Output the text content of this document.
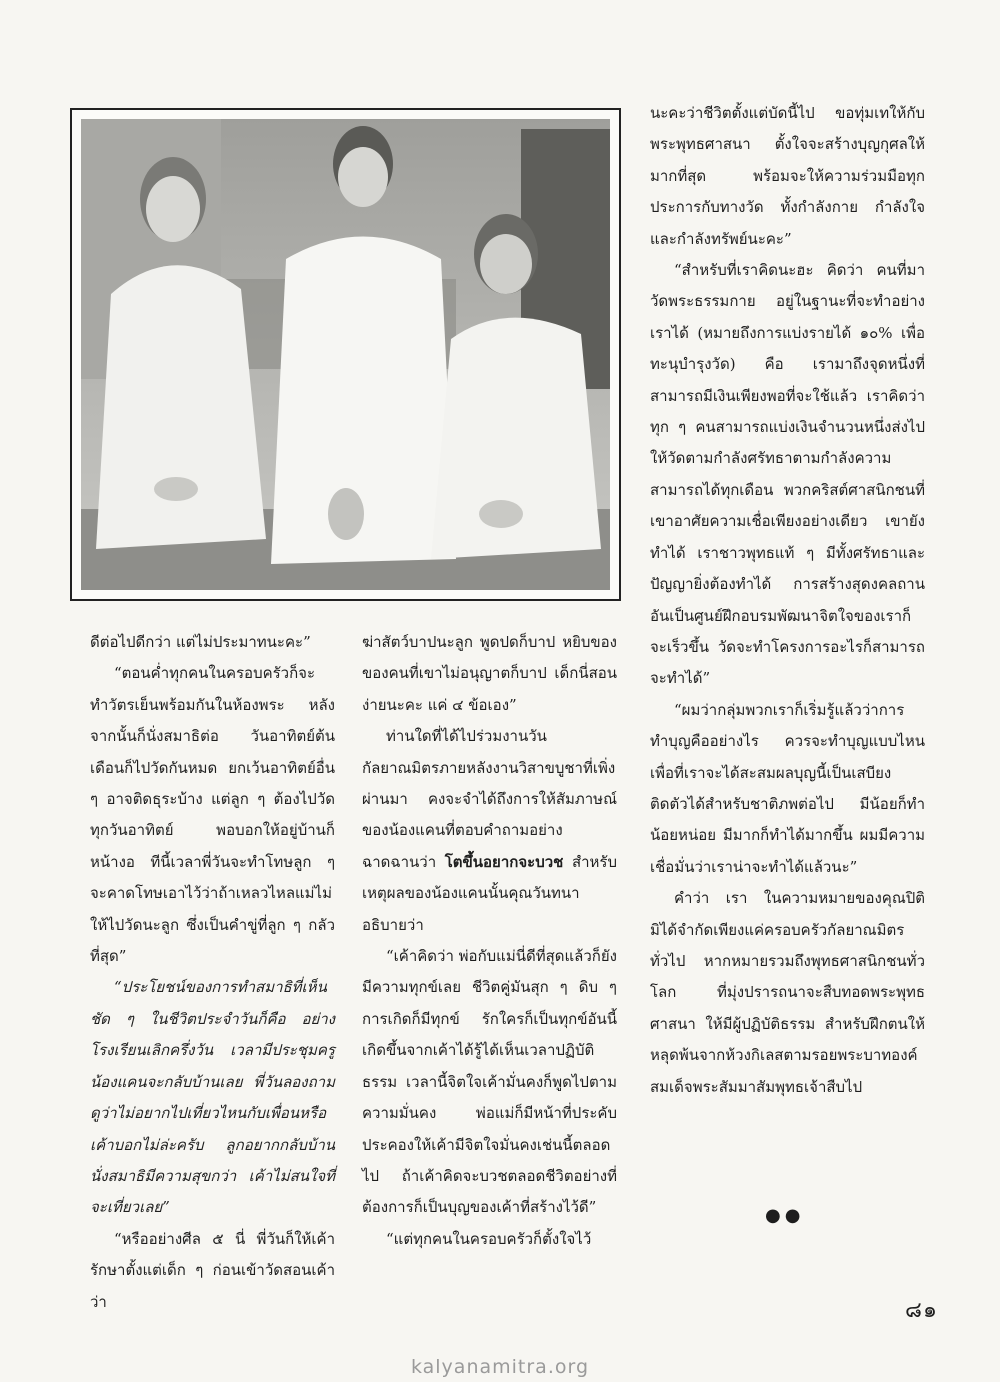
นะคะว่าชีวิตตั้งแต่บัดนี้ไป ขอทุ่มเทให้กับพระพุทธศาสนา ตั้งใจจะสร้างบุญกุศลให้มากที่สุด พร้อมจะให้ความร่วมมือทุกประการกับทางวัด ทั้งกำลังกาย กำลังใจ และกำลังทรัพย์นะคะ”

“สำหรับที่เราคิดนะฮะ คิดว่า คนที่มาวัดพระธรรมกาย อยู่ในฐานะที่จะทำอย่างเราได้ (หมายถึงการแบ่งรายได้ ๑๐% เพื่อทะนุบำรุงวัด) คือ เรามาถึงจุดหนึ่งที่สามารถมีเงินเพียงพอที่จะใช้แล้ว เราคิดว่าทุก ๆ คนสามารถแบ่งเงินจำนวนหนึ่งส่งไปให้วัดตามกำลังศรัทธาตามกำลังความสามารถได้ทุกเดือน พวกคริสต์ศาสนิกชนที่เขาอาศัยความเชื่อเพียงอย่างเดียว เขายังทำได้ เราชาวพุทธแท้ ๆ มีทั้งศรัทธาและปัญญายิ่งต้องทำได้ การสร้างสุดงคลถานอันเป็นศูนย์ฝึกอบรมพัฒนาจิตใจของเราก็จะเร็วขึ้น วัดจะทำโครงการอะไรก็สามารถจะทำได้”

“ผมว่ากลุ่มพวกเราก็เริ่มรู้แล้วว่าการทำบุญคืออย่างไร ควรจะทำบุญแบบไหน เพื่อที่เราจะได้สะสมผลบุญนี้เป็นเสบียงติดตัวได้สำหรับชาติภพต่อไป มีน้อยก็ทำน้อยหน่อย มีมากก็ทำได้มากขึ้น ผมมีความเชื่อมั่นว่าเราน่าจะทำได้แล้วนะ”

คำว่า เรา ในความหมายของคุณปิติ มิได้จำกัดเพียงแค่ครอบครัวกัลยาณมิตรทั่วไป หากหมายรวมถึงพุทธศาสนิกชนทั่วโลก ที่มุ่งปรารถนาจะสืบทอดพระพุทธศาสนา ให้มีผู้ปฏิบัติธรรม สำหรับฝึกตนให้หลุดพ้นจากห้วงกิเลสตามรอยพระบาทองค์สมเด็จพระสัมมาสัมพุทธเจ้าสืบไป

ดีต่อไปดีกว่า แต่ไม่ประมาทนะคะ”

“ตอนค่ำทุกคนในครอบครัวก็จะทำวัตรเย็นพร้อมกันในห้องพระ หลังจากนั้นก็นั่งสมาธิต่อ วันอาทิตย์ต้นเดือนก็ไปวัดกันหมด ยกเว้นอาทิตย์อื่น ๆ อาจติดธุระบ้าง แต่ลูก ๆ ต้องไปวัดทุกวันอาทิตย์ พอบอกให้อยู่บ้านก็หน้างอ ทีนี้เวลาพี่วันจะทำโทษลูก ๆ จะคาดโทษเอาไว้ว่าถ้าเหลวไหลแม่ไม่ให้ไปวัดนะลูก ซึ่งเป็นคำขู่ที่ลูก ๆ กลัวที่สุด”

“ประโยชน์ของการทำสมาธิที่เห็นชัด ๆ ในชีวิตประจำวันก็คือ อย่างโรงเรียนเลิกครึ่งวัน เวลามีประชุมครู น้องแคนจะกลับบ้านเลย พี่วันลองถามดูว่าไม่อยากไปเที่ยวไหนกับเพื่อนหรือ เค้าบอกไม่ล่ะครับ ลูกอยากกลับบ้านนั่งสมาธิมีความสุขกว่า เค้าไม่สนใจที่จะเที่ยวเลย”

“หรืออย่างศีล ๕ นี่ พี่วันก็ให้เค้ารักษาตั้งแต่เด็ก ๆ ก่อนเข้าวัดสอนเค้าว่า

ฆ่าสัตว์บาปนะลูก พูดปดก็บาป หยิบของของคนที่เขาไม่อนุญาตก็บาป เด็กนี่สอนง่ายนะคะ แค่ ๔ ข้อเอง”

ท่านใดที่ได้ไปร่วมงานวันกัลยาณมิตรภายหลังงานวิสาขบูชาที่เพิ่งผ่านมา คงจะจำได้ถึงการให้สัมภาษณ์ของน้องแคนที่ตอบคำถามอย่างฉาดฉานว่า โตขึ้นอยากจะบวช สำหรับเหตุผลของน้องแคนนั้นคุณวันทนาอธิบายว่า

“เค้าคิดว่า พ่อกับแม่นี่ดีที่สุดแล้วก็ยังมีความทุกข์เลย ชีวิตคู่มันสุก ๆ ดิบ ๆ การเกิดก็มีทุกข์ รักใครก็เป็นทุกข์อันนี้เกิดขึ้นจากเค้าได้รู้ได้เห็นเวลาปฏิบัติธรรม เวลานี้จิตใจเค้ามั่นคงก็พูดไปตามความมั่นคง พ่อแม่ก็มีหน้าที่ประคับประคองให้เค้ามีจิตใจมั่นคงเช่นนี้ตลอดไป ถ้าเค้าคิดจะบวชตลอดชีวิตอย่างที่ต้องการก็เป็นบุญของเค้าที่สร้างไว้ดี”

“แต่ทุกคนในครอบครัวก็ตั้งใจไว้

●●
๘๑
kalyanamitra.org
